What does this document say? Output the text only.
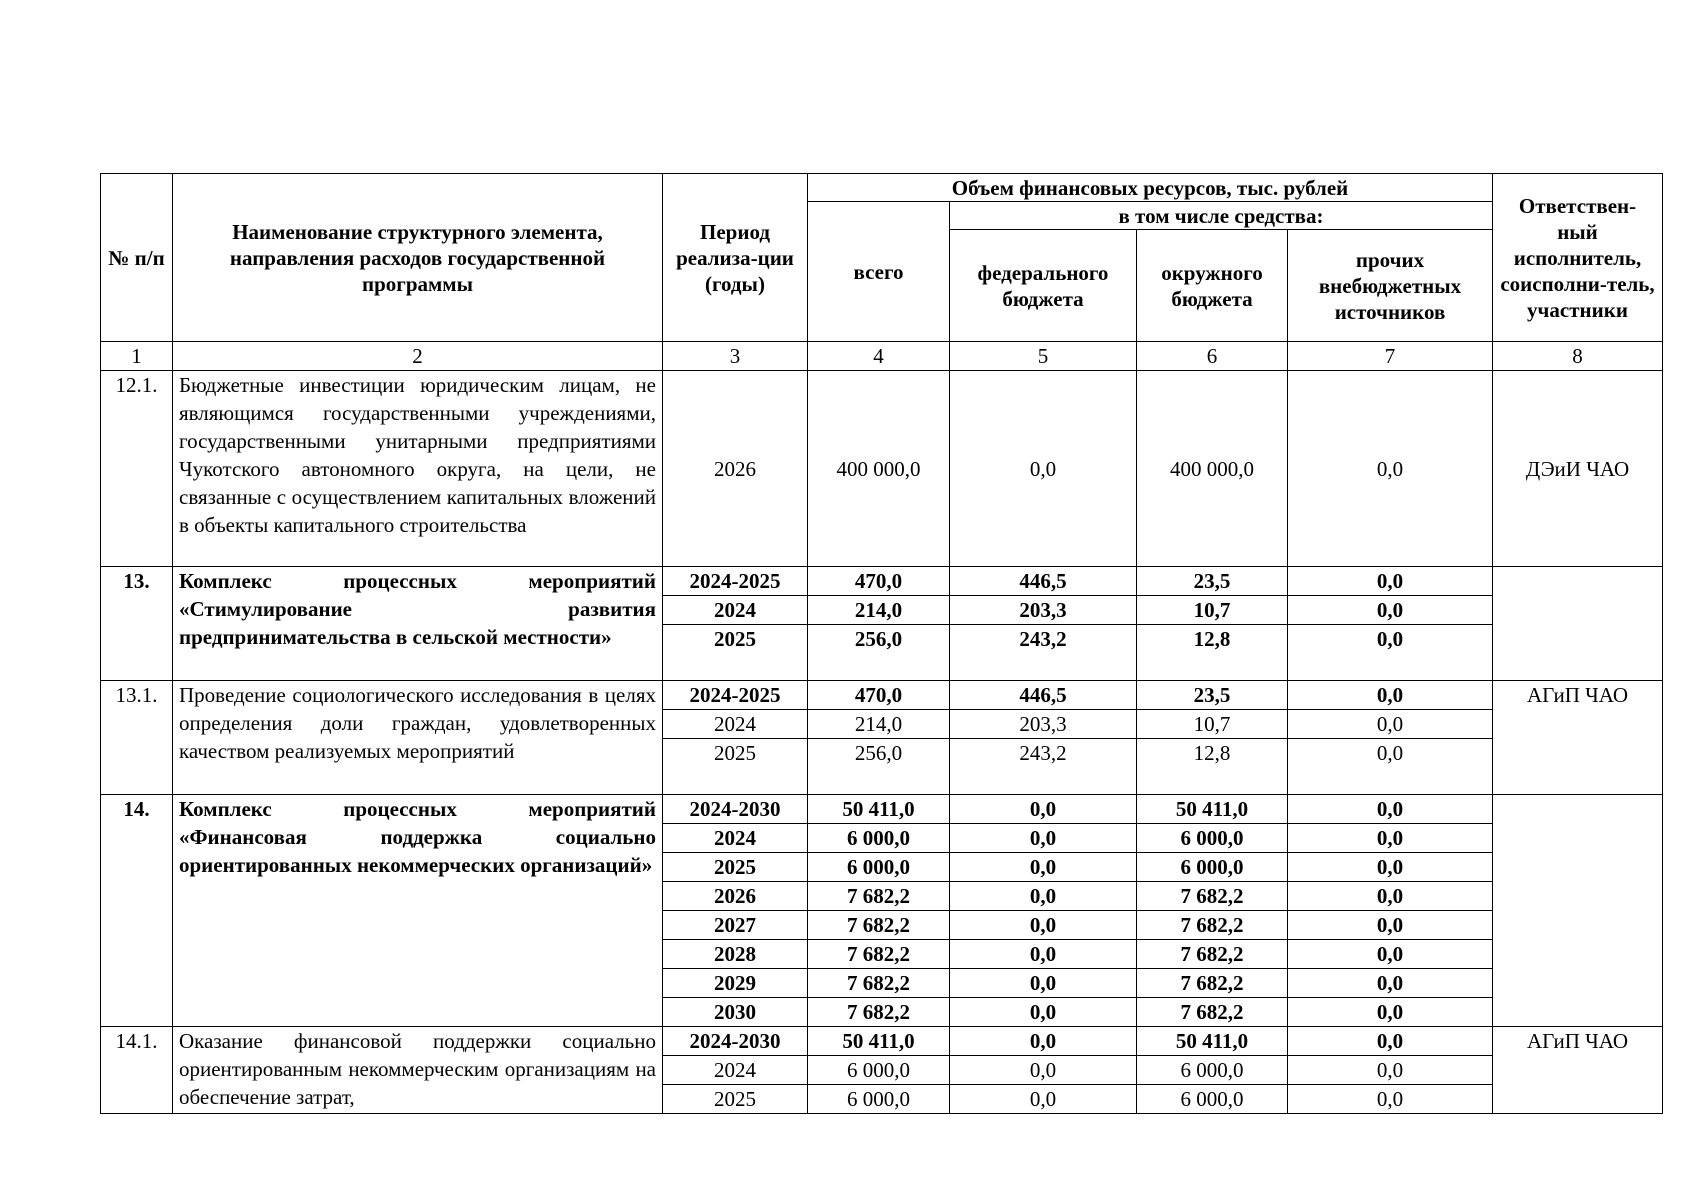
№ п/п	Наименование структурного элемента, направления расходов государственной программы	Период реализа-ции (годы)	Объем финансовых ресурсов, тыс. рублей				Ответствен-ный исполнитель, соисполни-тель, участники
			всего	в том числе средства:			
				федерального бюджета	окружного бюджета	прочих внебюджетных источников	
1	2	3	4	5	6	7	8
12.1.	Бюджетные инвестиции юридическим лицам, не являющимся государственными учреждениями, государственными унитарными предприятиями Чукотского автономного округа, на цели, не связанные с осуществлением капитальных вложений в объекты капитального строительства	2026	400 000,0	0,0	400 000,0	0,0	ДЭиИ ЧАО
13.	Комплекс процессных мероприятий «Стимулирование развития предпринимательства в сельской местности»	2024-2025	470,0	446,5	23,5	0,0	
		2024	214,0	203,3	10,7	0,0	
		2025	256,0	243,2	12,8	0,0	
13.1.	Проведение социологического исследования в целях определения доли граждан, удовлетворенных качеством реализуемых мероприятий	2024-2025	470,0	446,5	23,5	0,0	АГиП ЧАО
		2024	214,0	203,3	10,7	0,0	
		2025	256,0	243,2	12,8	0,0	
14.	Комплекс процессных мероприятий «Финансовая поддержка социально ориентированных некоммерческих организаций»	2024-2030	50 411,0	0,0	50 411,0	0,0	
		2024	6 000,0	0,0	6 000,0	0,0	
		2025	6 000,0	0,0	6 000,0	0,0	
		2026	7 682,2	0,0	7 682,2	0,0	
		2027	7 682,2	0,0	7 682,2	0,0	
		2028	7 682,2	0,0	7 682,2	0,0	
		2029	7 682,2	0,0	7 682,2	0,0	
		2030	7 682,2	0,0	7 682,2	0,0	
14.1.	Оказание финансовой поддержки социально ориентированным некоммерческим организациям на обеспечение затрат,	2024-2030	50 411,0	0,0	50 411,0	0,0	АГиП ЧАО
		2024	6 000,0	0,0	6 000,0	0,0	
		2025	6 000,0	0,0	6 000,0	0,0	
